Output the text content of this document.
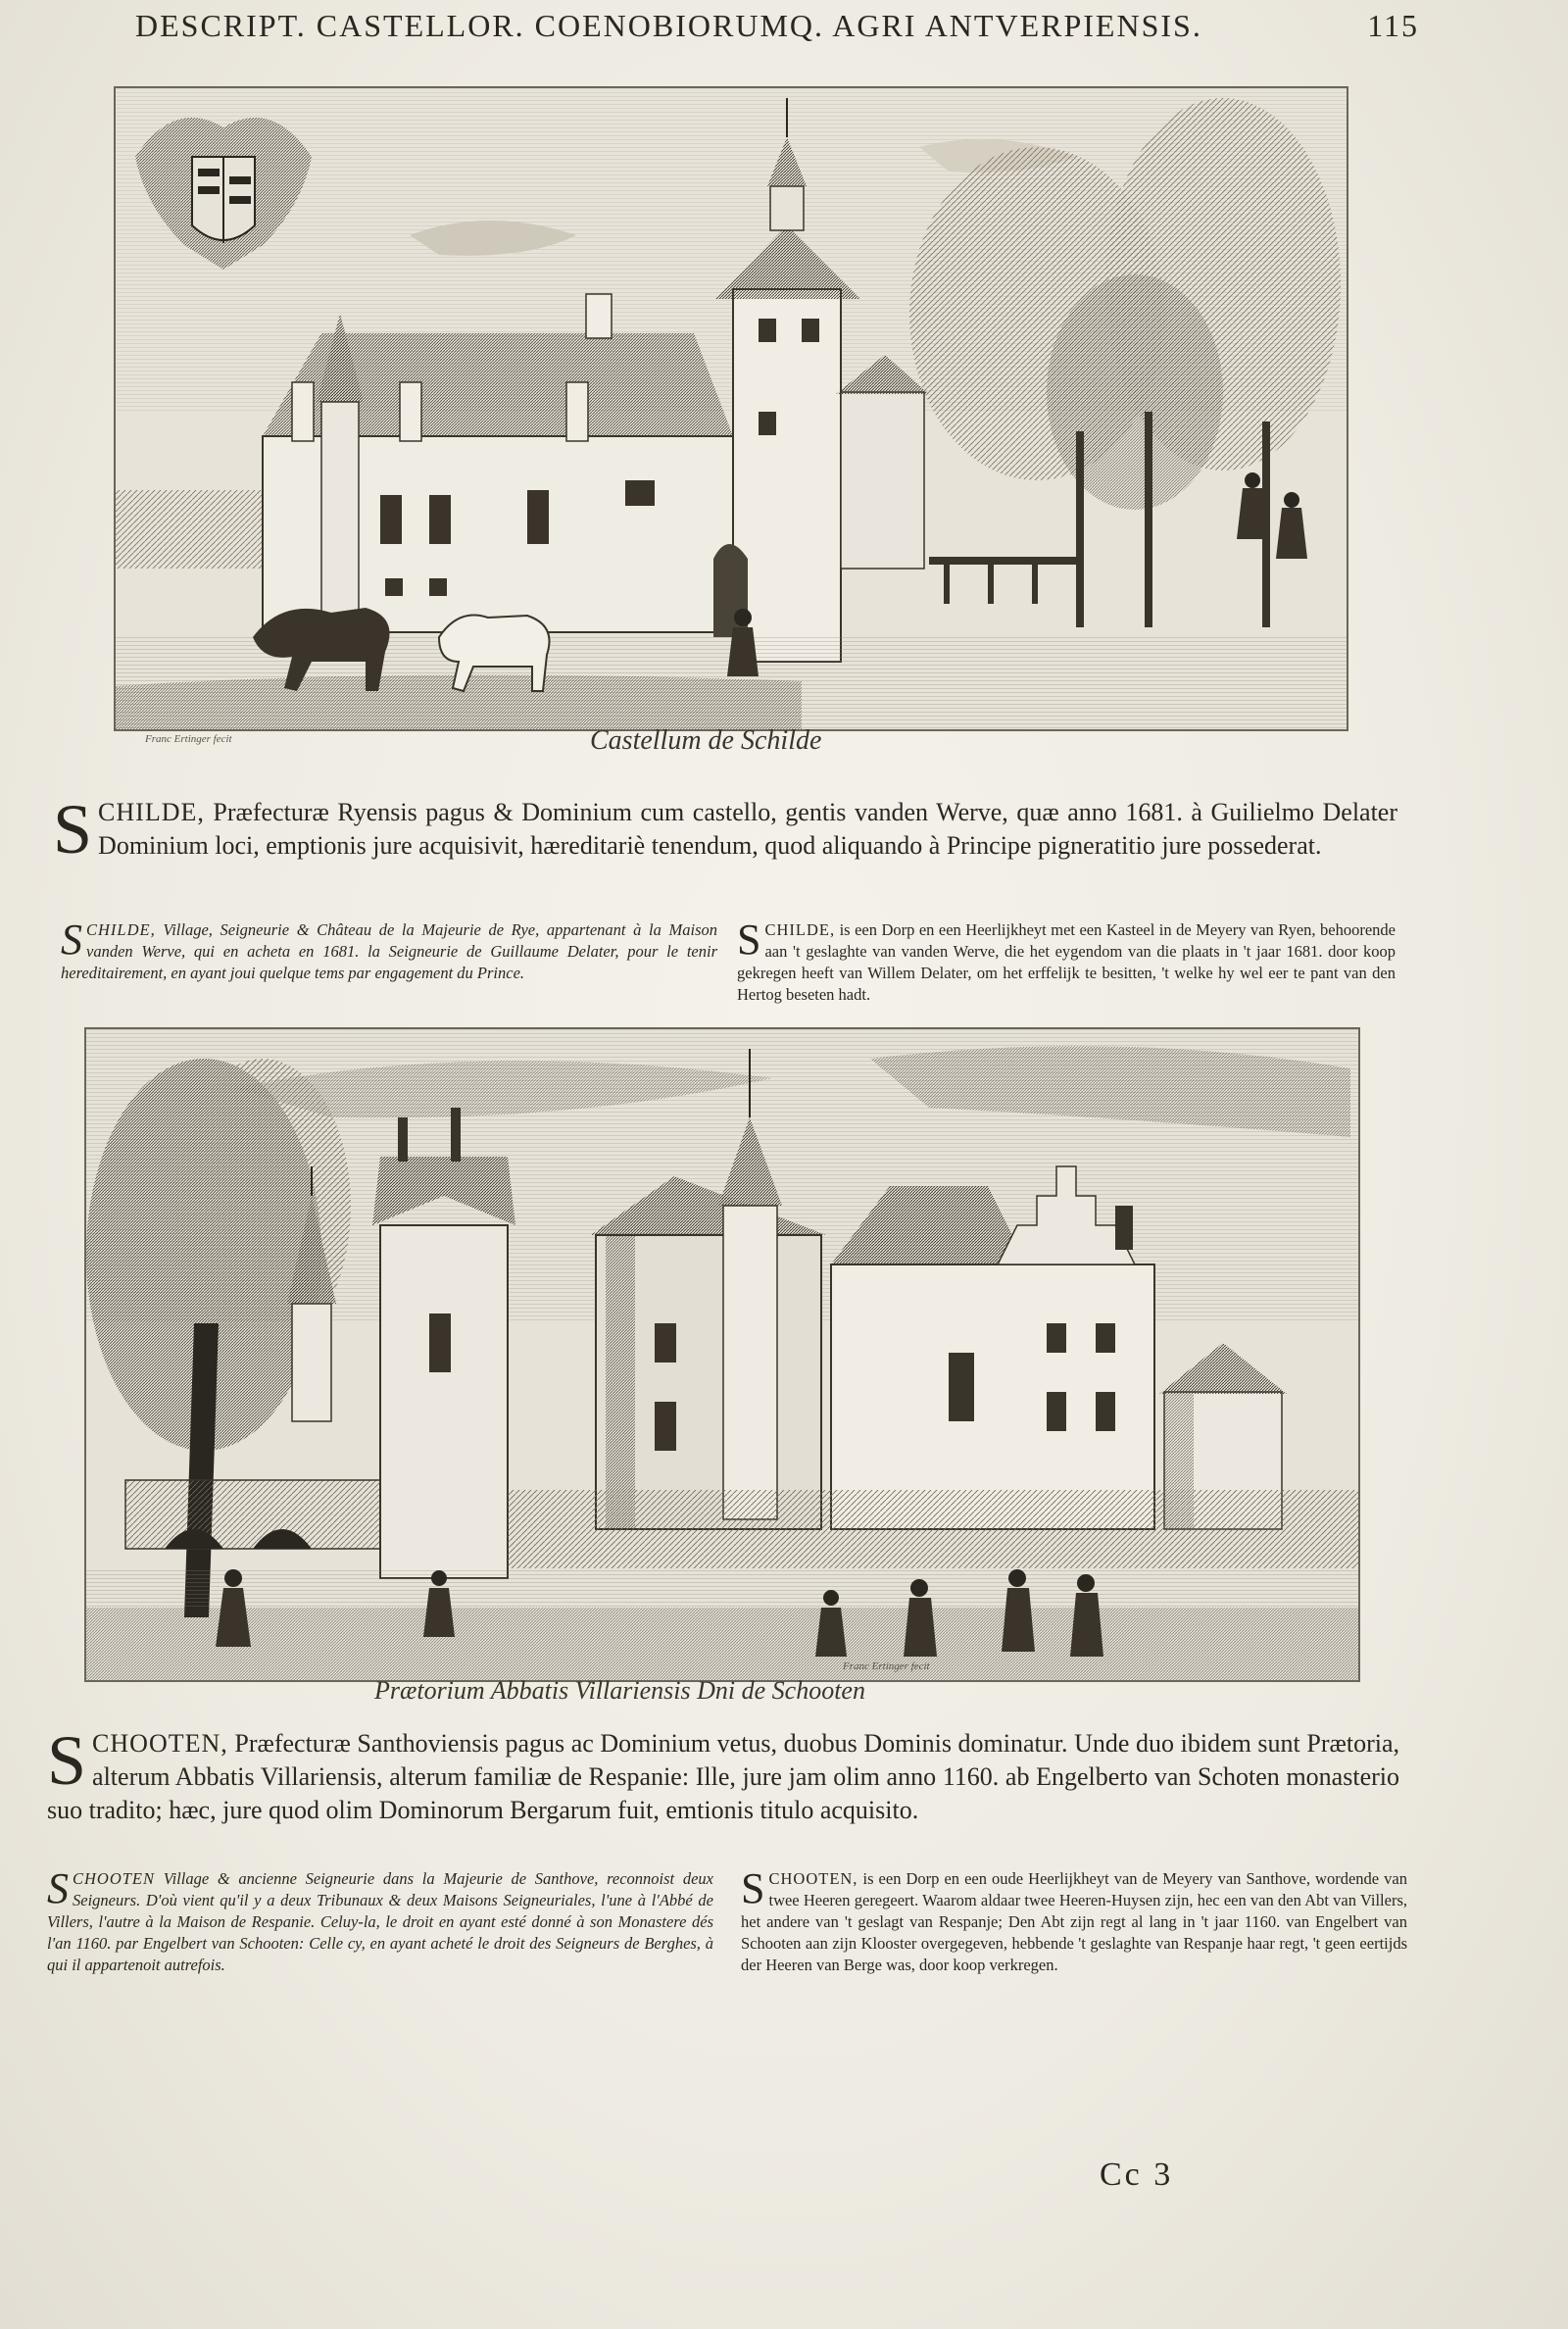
DESCRIPT. CASTELLOR. COENOBIORUMQ. AGRI ANTVERPIENSIS.	115
Franc Ertinger fecit	Castellum de Schilde
SCHILDE, Præfecturæ Ryensis pagus & Dominium cum castello, gentis vanden Werve, quæ anno 1681. à Guilielmo Delater Dominium loci, emptionis jure acquisivit, hæreditariè tenendum, quod aliquando à Principe pigneratitio jure possederat.
SCHILDE, Village, Seigneurie & Château de la Majeurie de Rye, appartenant à la Maison vanden Werve, qui en acheta en 1681. la Seigneurie de Guillaume Delater, pour le tenir hereditairement, en ayant joui quelque tems par engagement du Prince.
SCHILDE, is een Dorp en een Heerlijkheyt met een Kasteel in de Meyery van Ryen, behoorende aan 't geslaghte van vanden Werve, die het eygendom van die plaats in 't jaar 1681. door koop gekregen heeft van Willem Delater, om het erffelijk te besitten, 't welke hy wel eer te pant van den Hertog beseten hadt.
Prætorium Abbatis Villariensis Dni de Schooten
Franc Ertinger fecit
SCHOOTEN, Præfecturæ Santhoviensis pagus ac Dominium vetus, duobus Dominis dominatur. Unde duo ibidem sunt Prætoria, alterum Abbatis Villariensis, alterum familiæ de Respanie: Ille, jure jam olim anno 1160. ab Engelberto van Schoten monasterio suo tradito; hæc, jure quod olim Dominorum Bergarum fuit, emtionis titulo acquisito.
SCHOOTEN Village & ancienne Seigneurie dans la Majeurie de Santhove, reconnoist deux Seigneurs. D'où vient qu'il y a deux Tribunaux & deux Maisons Seigneuriales, l'une à l'Abbé de Villers, l'autre à la Maison de Respanie. Celuy-la, le droit en ayant esté donné à son Monastere dés l'an 1160. par Engelbert van Schooten: Celle cy, en ayant acheté le droit des Seigneurs de Berghes, à qui il appartenoit autrefois.
SCHOOTEN, is een Dorp en een oude Heerlijkheyt van de Meyery van Santhove, wordende van twee Heeren geregeert. Waarom aldaar twee Heeren-Huysen zijn, hec een van den Abt van Villers, het andere van 't geslagt van Respanje; Den Abt zijn regt al lang in 't jaar 1160. van Engelbert van Schooten aan zijn Klooster overgegeven, hebbende 't geslaghte van Respanje haar regt, 't geen eertijds der Heeren van Berge was, door koop verkregen.
Cc 3
